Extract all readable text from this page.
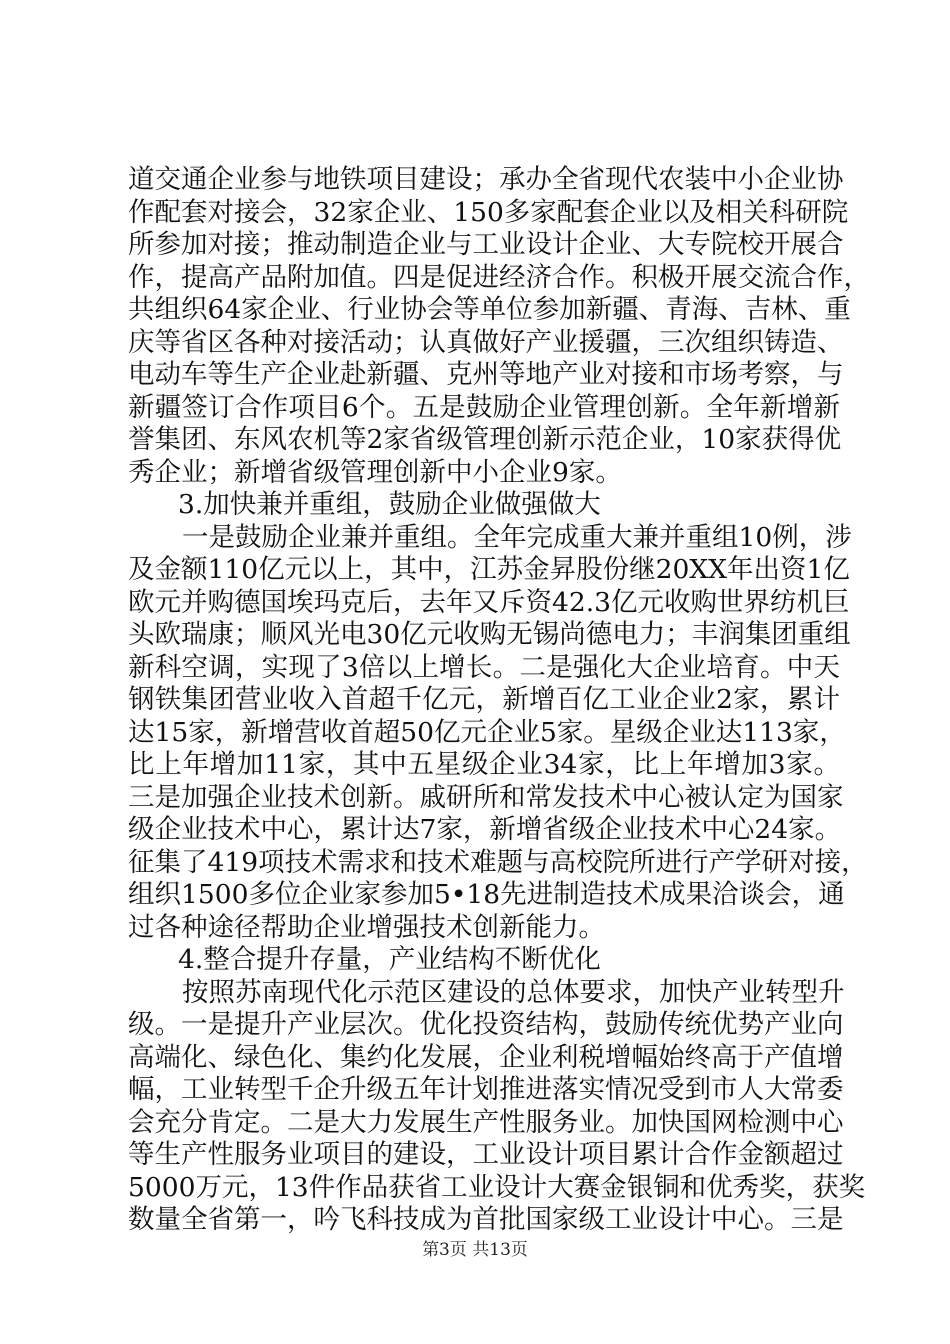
道交通企业参与地铁项目建设；承办全省现代农装中小企业协
作配套对接会，32家企业、150多家配套企业以及相关科研院
所参加对接；推动制造企业与工业设计企业、大专院校开展合
作，提高产品附加值。四是促进经济合作。积极开展交流合作，
共组织64家企业、行业协会等单位参加新疆、青海、吉林、重
庆等省区各种对接活动；认真做好产业援疆，三次组织铸造、
电动车等生产企业赴新疆、克州等地产业对接和市场考察，与
新疆签订合作项目6个。五是鼓励企业管理创新。全年新增新
誉集团、东风农机等2家省级管理创新示范企业，10家获得优
秀企业；新增省级管理创新中小企业9家。
3.加快兼并重组，鼓励企业做强做大
一是鼓励企业兼并重组。全年完成重大兼并重组10例，涉
及金额110亿元以上，其中，江苏金昇股份继20XX年出资1亿
欧元并购德国埃玛克后，去年又斥资42.3亿元收购世界纺机巨
头欧瑞康；顺风光电30亿元收购无锡尚德电力；丰润集团重组
新科空调，实现了3倍以上增长。二是强化大企业培育。中天
钢铁集团营业收入首超千亿元，新增百亿工业企业2家，累计
达15家，新增营收首超50亿元企业5家。星级企业达113家，
比上年增加11家，其中五星级企业34家，比上年增加3家。
三是加强企业技术创新。戚研所和常发技术中心被认定为国家
级企业技术中心，累计达7家，新增省级企业技术中心24家。
征集了419项技术需求和技术难题与高校院所进行产学研对接，
组织1500多位企业家参加5•18先进制造技术成果洽谈会，通
过各种途径帮助企业增强技术创新能力。
4.整合提升存量，产业结构不断优化
按照苏南现代化示范区建设的总体要求，加快产业转型升
级。一是提升产业层次。优化投资结构，鼓励传统优势产业向
高端化、绿色化、集约化发展，企业利税增幅始终高于产值增
幅，工业转型千企升级五年计划推进落实情况受到市人大常委
会充分肯定。二是大力发展生产性服务业。加快国网检测中心
等生产性服务业项目的建设，工业设计项目累计合作金额超过
5000万元，13件作品获省工业设计大赛金银铜和优秀奖，获奖
数量全省第一，吟飞科技成为首批国家级工业设计中心。三是
第3页 共13页
